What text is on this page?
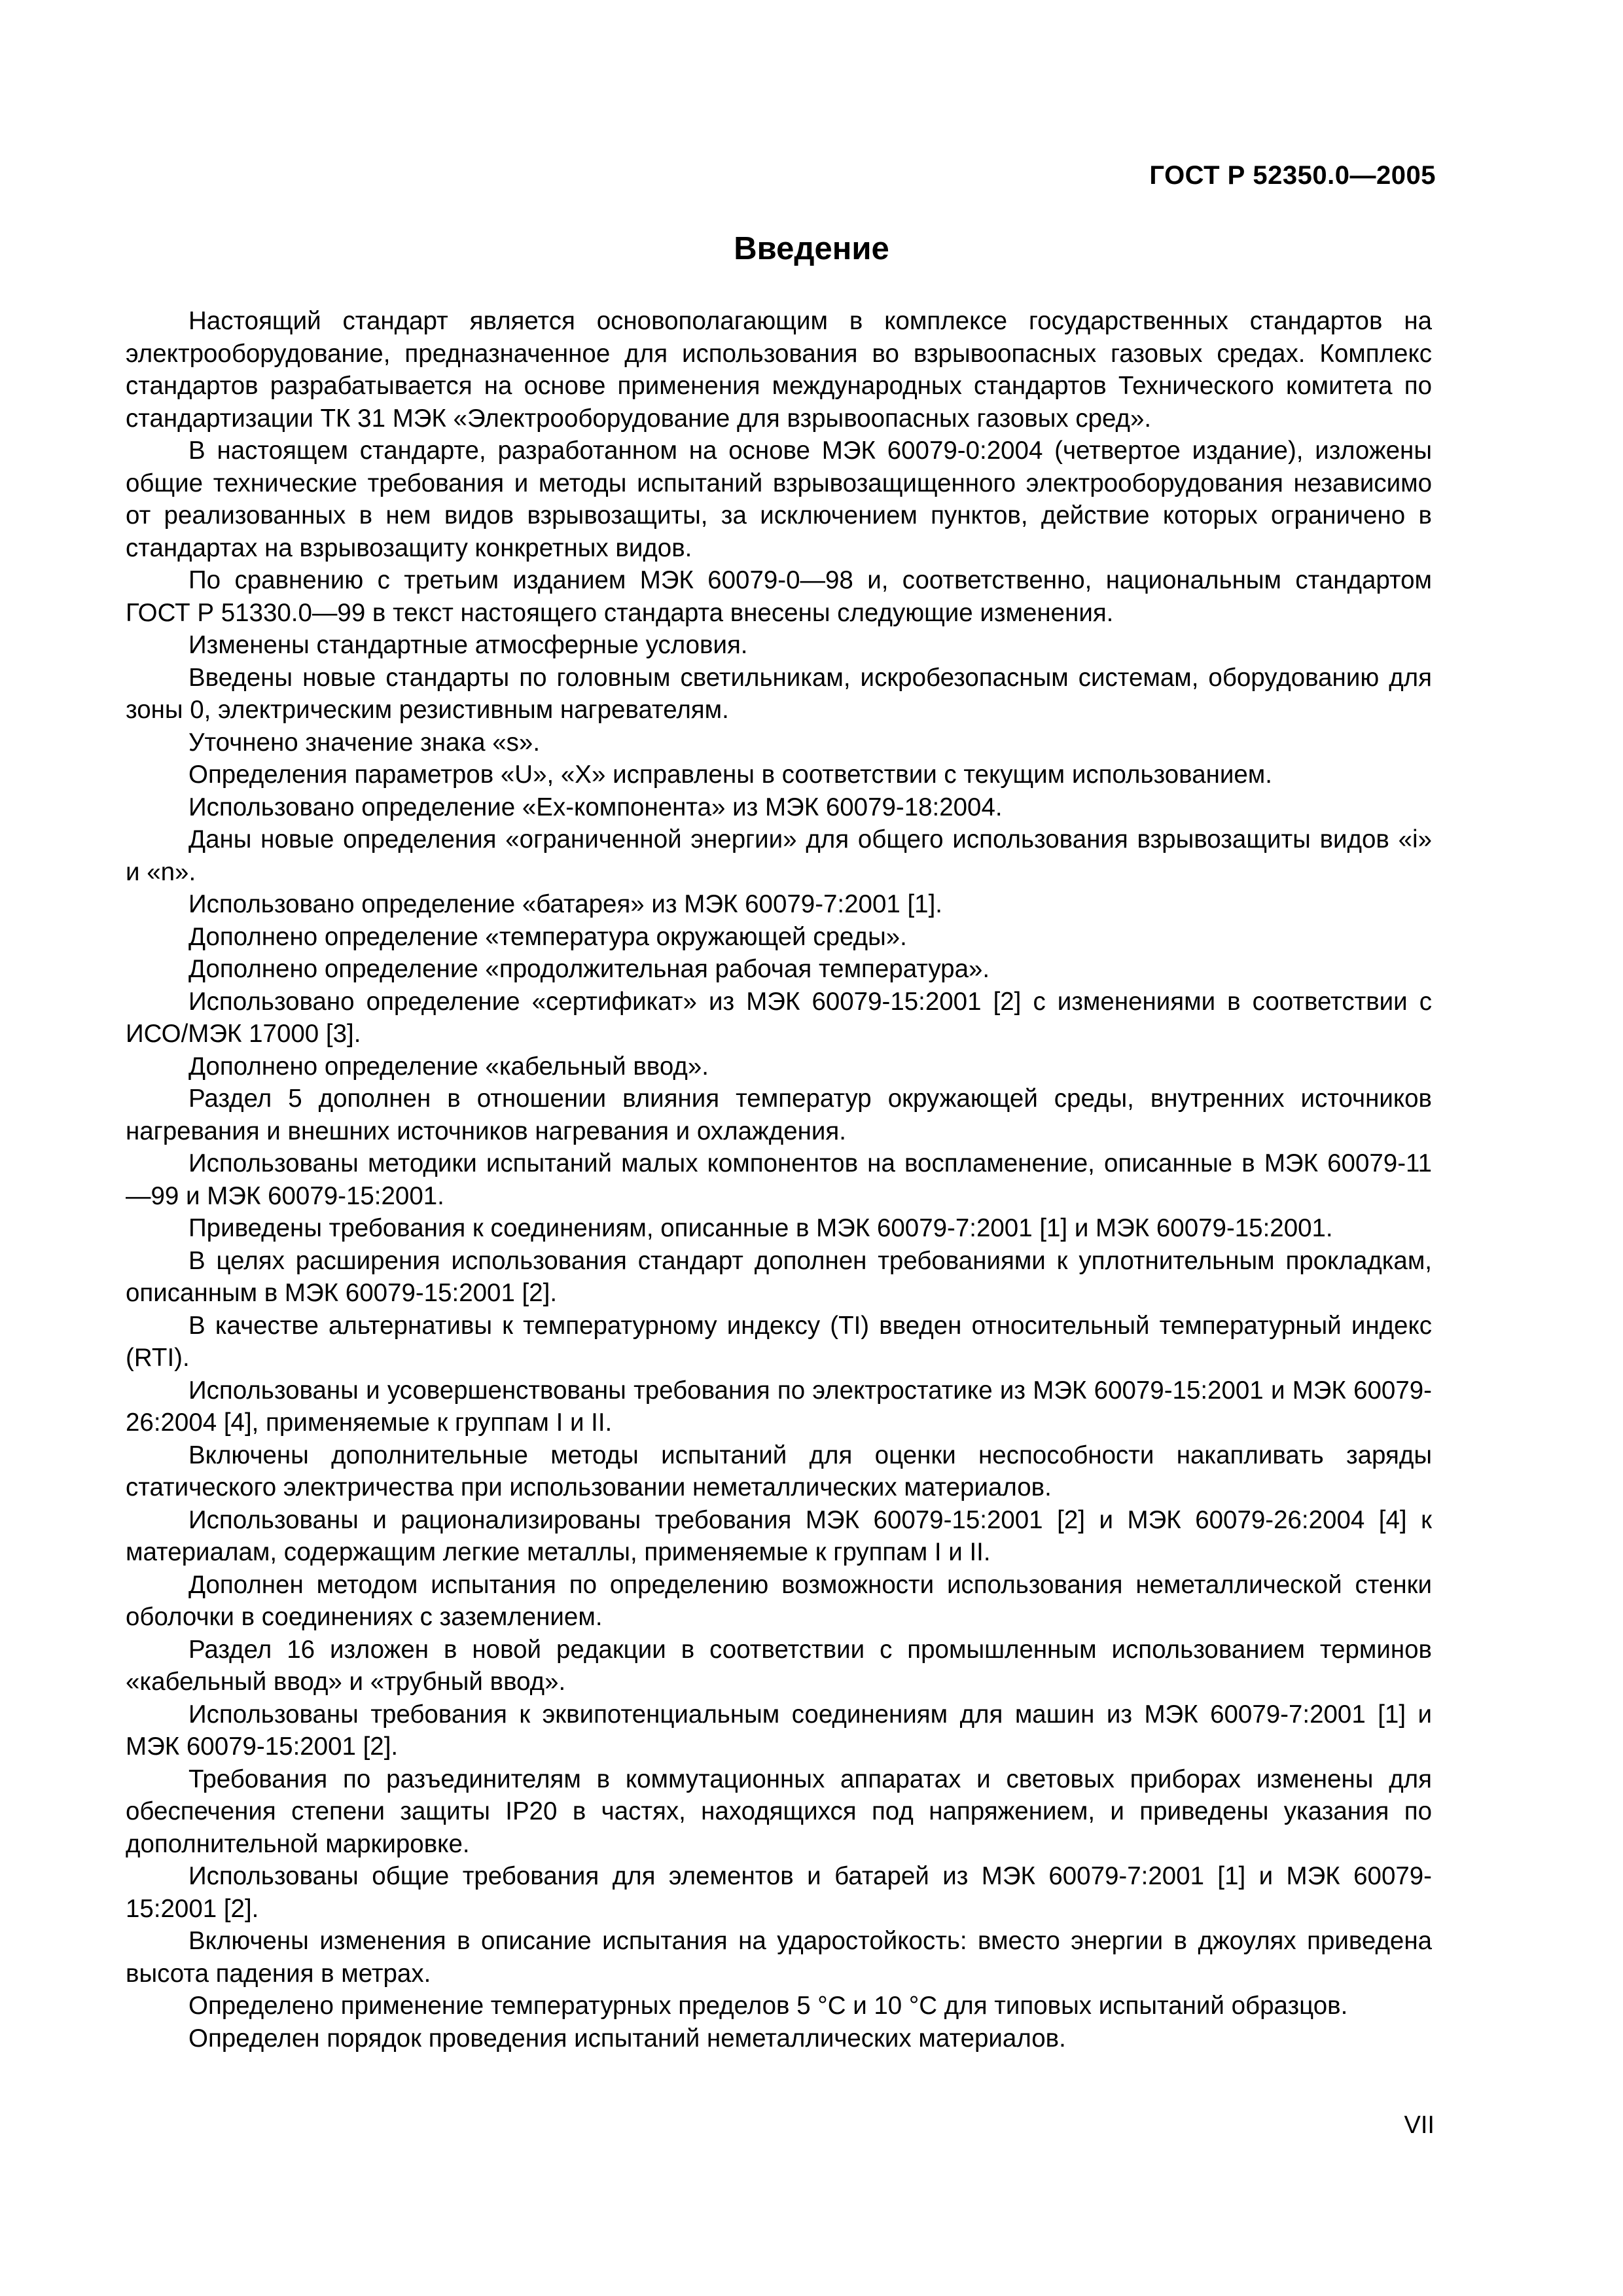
ГОСТ Р 52350.0—2005
Введение

Настоящий стандарт является основополагающим в комплексе государственных стандартов на электрооборудование, предназначенное для использования во взрывоопасных газовых средах. Комплекс стандартов разрабатывается на основе применения международных стандартов Технического комитета по стандартизации ТК 31 МЭК «Электрооборудование для взрывоопасных газовых сред».

В настоящем стандарте, разработанном на основе МЭК 60079-0:2004 (четвертое издание), изложены общие технические требования и методы испытаний взрывозащищенного электрооборудования независимо от реализованных в нем видов взрывозащиты, за исключением пунктов, действие которых ограничено в стандартах на взрывозащиту конкретных видов.

По сравнению с третьим изданием МЭК 60079-0—98 и, соответственно, национальным стандартом ГОСТ Р 51330.0—99 в текст настоящего стандарта внесены следующие изменения.

Изменены стандартные атмосферные условия.

Введены новые стандарты по головным светильникам, искробезопасным системам, оборудованию для зоны 0, электрическим резистивным нагревателям.

Уточнено значение знака «s».

Определения параметров «U», «X» исправлены в соответствии с текущим использованием.

Использовано определение «Ex-компонента» из МЭК 60079-18:2004.

Даны новые определения «ограниченной энергии» для общего использования взрывозащиты видов «i» и «n».

Использовано определение «батарея» из МЭК 60079-7:2001 [1].

Дополнено определение «температура окружающей среды».

Дополнено определение «продолжительная рабочая температура».

Использовано определение «сертификат» из МЭК 60079-15:2001 [2] с изменениями в соответствии с ИСО/МЭК 17000 [3].

Дополнено определение «кабельный ввод».

Раздел 5 дополнен в отношении влияния температур окружающей среды, внутренних источников нагревания и внешних источников нагревания и охлаждения.

Использованы методики испытаний малых компонентов на воспламенение, описанные в МЭК 60079-11—99 и МЭК 60079-15:2001.

Приведены требования к соединениям, описанные в МЭК 60079-7:2001 [1] и МЭК 60079-15:2001.

В целях расширения использования стандарт дополнен требованиями к уплотнительным прокладкам, описанным в МЭК 60079-15:2001 [2].

В качестве альтернативы к температурному индексу (TI) введен относительный температурный индекс (RTI).

Использованы и усовершенствованы требования по электростатике из МЭК 60079-15:2001 и МЭК 60079-26:2004 [4], применяемые к группам I и II.

Включены дополнительные методы испытаний для оценки неспособности накапливать заряды статического электричества при использовании неметаллических материалов.

Использованы и рационализированы требования МЭК 60079-15:2001 [2] и МЭК 60079-26:2004 [4] к материалам, содержащим легкие металлы, применяемые к группам I и II.

Дополнен методом испытания по определению возможности использования неметаллической стенки оболочки в соединениях с заземлением.

Раздел 16 изложен в новой редакции в соответствии с промышленным использованием терминов «кабельный ввод» и «трубный ввод».

Использованы требования к эквипотенциальным соединениям для машин из МЭК 60079-7:2001 [1] и МЭК 60079-15:2001 [2].

Требования по разъединителям в коммутационных аппаратах и световых приборах изменены для обеспечения степени защиты IP20 в частях, находящихся под напряжением, и приведены указания по дополнительной маркировке.

Использованы общие требования для элементов и батарей из МЭК 60079-7:2001 [1] и МЭК 60079-15:2001 [2].

Включены изменения в описание испытания на ударостойкость: вместо энергии в джоулях приведена высота падения в метрах.

Определено применение температурных пределов 5 °С и 10 °С для типовых испытаний образцов.

Определен порядок проведения испытаний неметаллических материалов.

VII
